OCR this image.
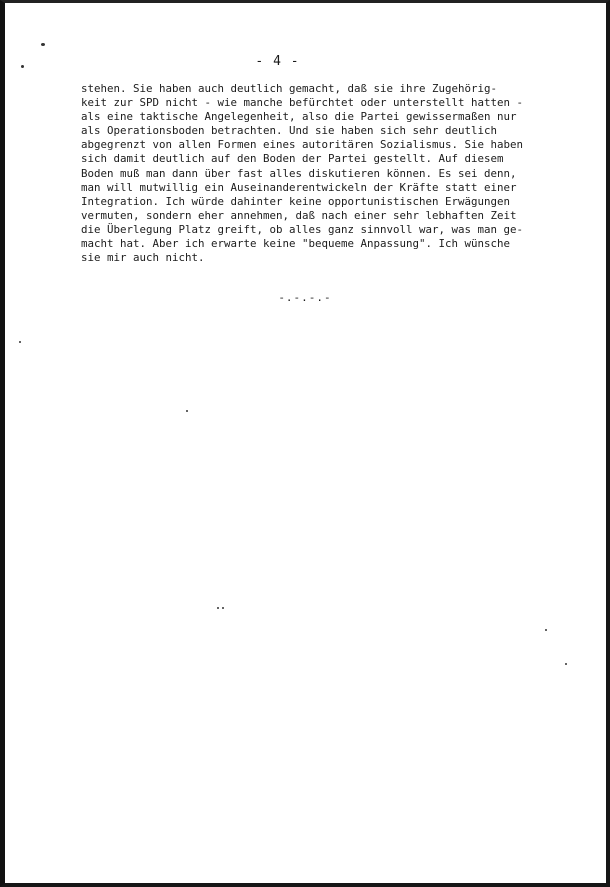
- 4 -
stehen. Sie haben auch deutlich gemacht, daß sie ihre Zugehörig-
keit zur SPD nicht - wie manche befürchtet oder unterstellt hatten -
als eine taktische Angelegenheit, also die Partei gewissermaßen nur
als Operationsboden betrachten. Und sie haben sich sehr deutlich
abgegrenzt von allen Formen eines autoritären Sozialismus. Sie haben
sich damit deutlich auf den Boden der Partei gestellt. Auf diesem
Boden muß man dann über fast alles diskutieren können. Es sei denn,
man will mutwillig ein Auseinanderentwickeln der Kräfte statt einer
Integration. Ich würde dahinter keine opportunistischen Erwägungen
vermuten, sondern eher annehmen, daß nach einer sehr lebhaften Zeit
die Überlegung Platz greift, ob alles ganz sinnvoll war, was man ge-
macht hat. Aber ich erwarte keine "bequeme Anpassung". Ich wünsche
sie mir auch nicht.
-.-.-.-
